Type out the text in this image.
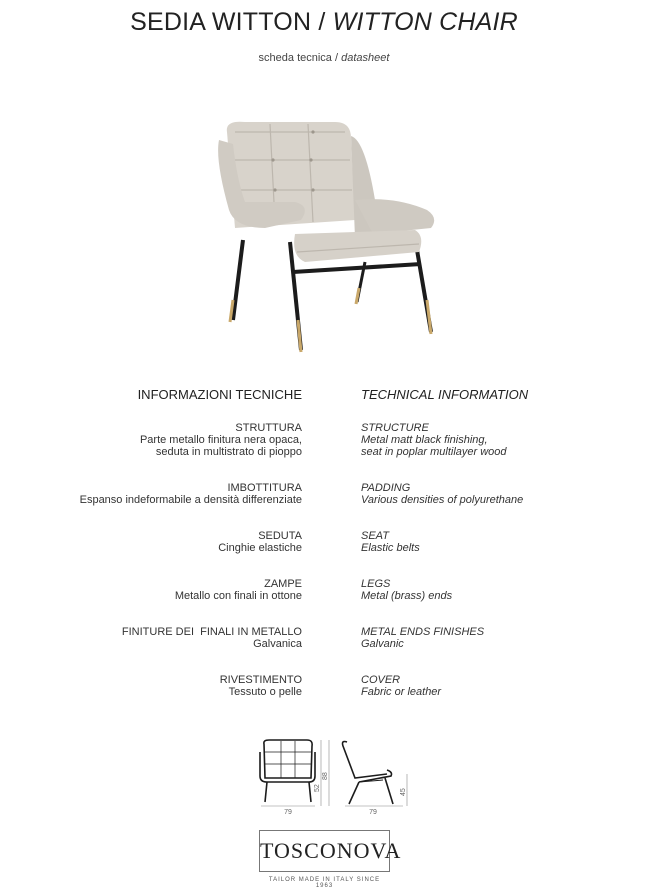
SEDIA WITTON / WITTON CHAIR
scheda tecnica / datasheet
INFORMAZIONI TECNICHE	TECHNICAL INFORMATION
STRUTTURA
Parte metallo finitura nera opaca,
seduta in multistrato di pioppo
STRUCTURE
Metal matt black finishing,
seat in poplar multilayer wood
IMBOTTITURA
Espanso indeformabile a densità differenziate
PADDING
Various densities of polyurethane
SEDUTA
Cinghie elastiche
SEAT
Elastic belts
ZAMPE
Metallo con finali in ottone
LEGS
Metal (brass) ends
FINITURE DEI  FINALI IN METALLO
Galvanica
METAL ENDS FINISHES
Galvanic
RIVESTIMENTO
Tessuto o pelle
COVER
Fabric or leather
79
52
88
79
45
TOSCONOVA
TAILOR MADE IN ITALY SINCE 1963
